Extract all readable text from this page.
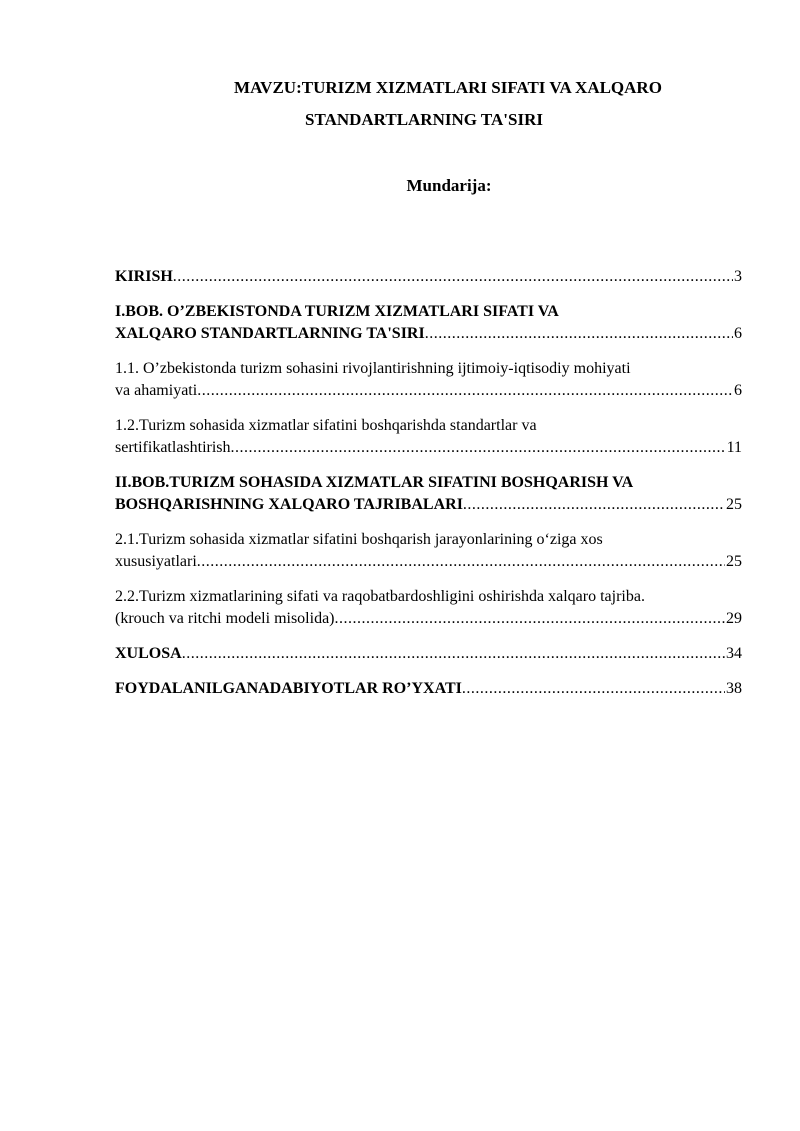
MAVZU:TURIZM XIZMATLARI SIFATI VA XALQARO

STANDARTLARNING TA'SIRI

Mundarija:

KIRISH .....	3
I.BOB. O’ZBEKISTONDA TURIZM XIZMATLARI SIFATI VA
XALQARO STANDARTLARNING TA'SIRI .....	6
1.1. O’zbekistonda turizm sohasini rivojlantirishning ijtimoiy-iqtisodiy mohiyati
va ahamiyati .....	6
1.2.Turizm sohasida xizmatlar sifatini boshqarishda standartlar va
sertifikatlashtirish .....	11
II.BOB.TURIZM SOHASIDA XIZMATLAR SIFATINI BOSHQARISH VA
BOSHQARISHNING XALQARO TAJRIBALARI .....	25
2.1.Turizm sohasida xizmatlar sifatini boshqarish jarayonlarining o‘ziga xos
xususiyatlari .....	25
2.2.Turizm xizmatlarining sifati va raqobatbardoshligini oshirishda xalqaro tajriba.
(krouch va ritchi modeli misolida) .....	29
XULOSA .....	34
FOYDALANILGANADABIYOTLAR RO’YXATI .....	38
